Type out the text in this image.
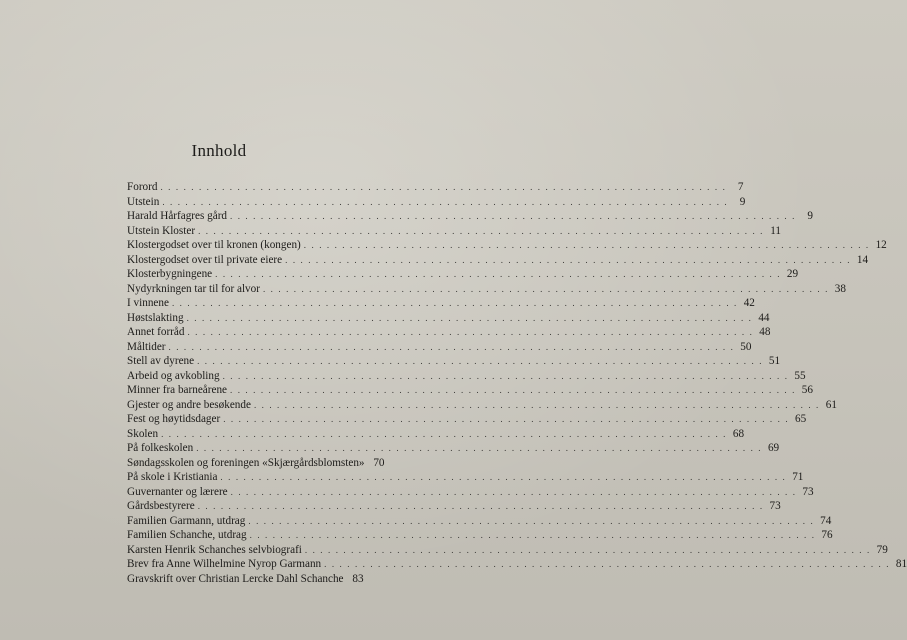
Innhold
Forord . . .	7
Utstein . . .	9
Harald Hårfagres gård . . .	9
Utstein Kloster . . .	11
Klostergodset over til kronen (kongen) . . .	12
Klostergodset over til private eiere . . .	14
Klosterbygningene . . .	29
Nydyrkningen tar til for alvor . . .	38
I vinnene . . .	42
Høstslakting . . .	44
Annet forråd . . .	48
Måltider . . .	50
Stell av dyrene . . .	51
Arbeid og avkobling . . .	55
Minner fra barneårene . . .	56
Gjester og andre besøkende . . .	61
Fest og høytidsdager . . .	65
Skolen . . .	68
På folkeskolen . . .	69
Søndagsskolen og foreningen «Skjærgårdsblomsten» 70
På skole i Kristiania . . .	71
Guvernanter og lærere . . .	73
Gårdsbestyrere . . .	73
Familien Garmann, utdrag . . .	74
Familien Schanche, utdrag . . .	76
Karsten Henrik Schanches selvbiografi . . .	79
Brev fra Anne Wilhelmine Nyrop Garmann . . .	81
Gravskrift over Christian Lercke Dahl Schanche 83
